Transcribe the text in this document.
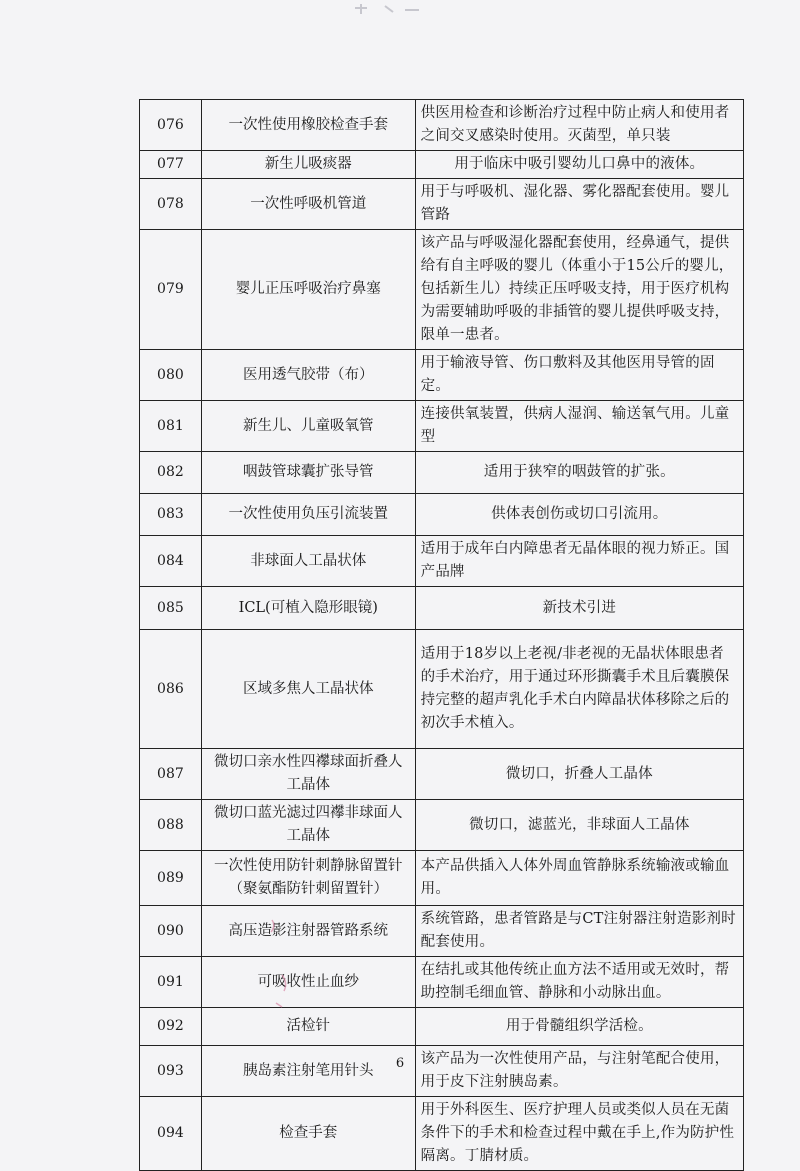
076	一次性使用橡胶检查手套	供医用检查和诊断治疗过程中防止病人和使用者之间交叉感染时使用。灭菌型，单只装
077	新生儿吸痰器	用于临床中吸引婴幼儿口鼻中的液体。
078	一次性呼吸机管道	用于与呼吸机、湿化器、雾化器配套使用。婴儿管路
079	婴儿正压呼吸治疗鼻塞	该产品与呼吸湿化器配套使用，经鼻通气，提供给有自主呼吸的婴儿（体重小于15公斤的婴儿，包括新生儿）持续正压呼吸支持，用于医疗机构为需要辅助呼吸的非插管的婴儿提供呼吸支持，限单一患者。
080	医用透气胶带（布）	用于输液导管、伤口敷料及其他医用导管的固定。
081	新生儿、儿童吸氧管	连接供氧装置，供病人湿润、输送氧气用。儿童型
082	咽鼓管球囊扩张导管	适用于狭窄的咽鼓管的扩张。
083	一次性使用负压引流装置	供体表创伤或切口引流用。
084	非球面人工晶状体	适用于成年白内障患者无晶体眼的视力矫正。国产品牌
085	ICL(可植入隐形眼镜)	新技术引进
086	区域多焦人工晶状体	适用于18岁以上老视/非老视的无晶状体眼患者的手术治疗，用于通过环形撕囊手术且后囊膜保持完整的超声乳化手术白内障晶状体移除之后的初次手术植入。
087	微切口亲水性四襻球面折叠人工晶体	微切口，折叠人工晶体
088	微切口蓝光滤过四襻非球面人工晶体	微切口，滤蓝光，非球面人工晶体
089	一次性使用防针刺静脉留置针（聚氨酯防针刺留置针）	本产品供插入人体外周血管静脉系统输液或输血用。
090	高压造影注射器管路系统	系统管路，患者管路是与CT注射器注射造影剂时配套使用。
091	可吸收性止血纱	在结扎或其他传统止血方法不适用或无效时，帮助控制毛细血管、静脉和小动脉出血。
092	活检针	用于骨髓组织学活检。
093	胰岛素注射笔用针头	该产品为一次性使用产品，与注射笔配合使用，用于皮下注射胰岛素。
094	检查手套	用于外科医生、医疗护理人员或类似人员在无菌条件下的手术和检查过程中戴在手上,作为防护性隔离。丁腈材质。
6
